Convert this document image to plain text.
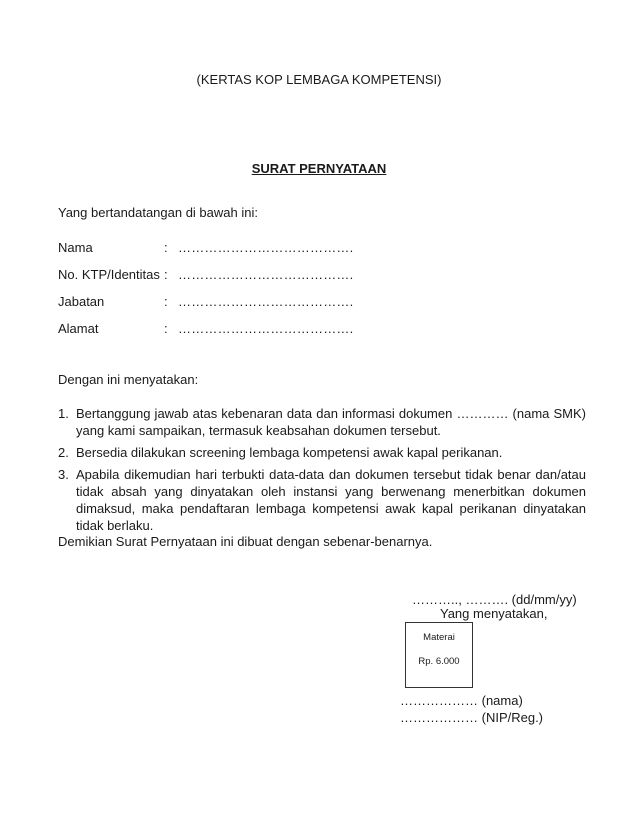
(KERTAS KOP LEMBAGA KOMPETENSI)
SURAT PERNYATAAN
Yang bertandatangan di bawah ini:
Nama	: ………………………………….
No. KTP/Identitas : ………………………………….
Jabatan	: ………………………………….
Alamat	: ………………………………….
Dengan ini menyatakan:
1. Bertanggung jawab atas kebenaran data dan informasi dokumen ………… (nama SMK) yang kami sampaikan, termasuk keabsahan dokumen tersebut.
2. Bersedia dilakukan screening lembaga kompetensi awak kapal perikanan.
3. Apabila dikemudian hari terbukti data-data dan dokumen tersebut tidak benar dan/atau tidak absah yang dinyatakan oleh instansi yang berwenang menerbitkan dokumen dimaksud, maka pendaftaran lembaga kompetensi awak kapal perikanan dinyatakan tidak berlaku.
Demikian Surat Pernyataan ini dibuat dengan sebenar-benarnya.
……….., ………. (dd/mm/yy)
Yang menyatakan,
Materai
Rp. 6.000
……………… (nama)
……………… (NIP/Reg.)
